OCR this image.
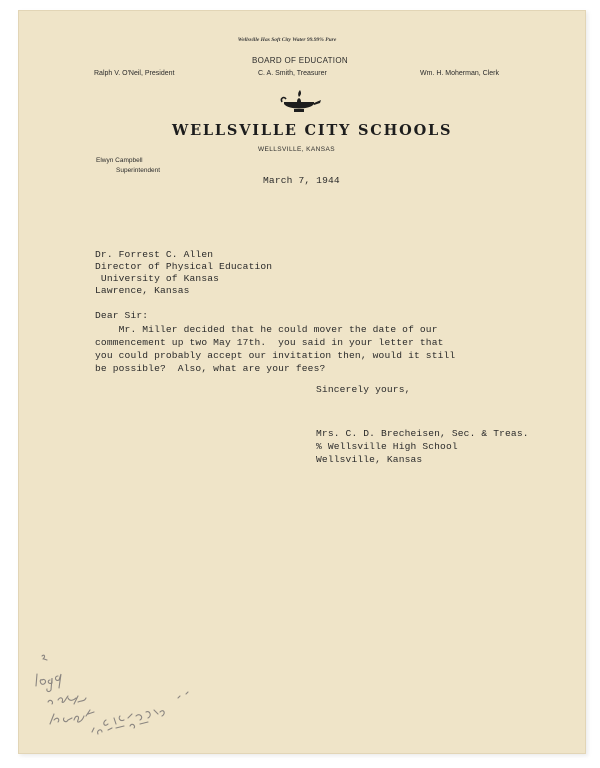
Wellsville Has Soft City Water 99.99% Pure
BOARD OF EDUCATION
Ralph V. O'Neil, President	C. A. Smith, Treasurer	Wm. H. Moherman, Clerk
WELLSVILLE CITY SCHOOLS
WELLSVILLE, KANSAS
Elwyn Campbell
Superintendent
March 7, 1944
Dr. Forrest C. Allen
Director of Physical Education
University of Kansas
Lawrence, Kansas
Dear Sir:
Mr. Miller decided that he could mover the date of our
commencement up two May 17th.  you said in your letter that
you could probably accept our invitation then, would it still
be possible?  Also, what are your fees?
Sincerely yours,
Mrs. C. D. Brecheisen, Sec. & Treas.
% Wellsville High School
Wellsville, Kansas
